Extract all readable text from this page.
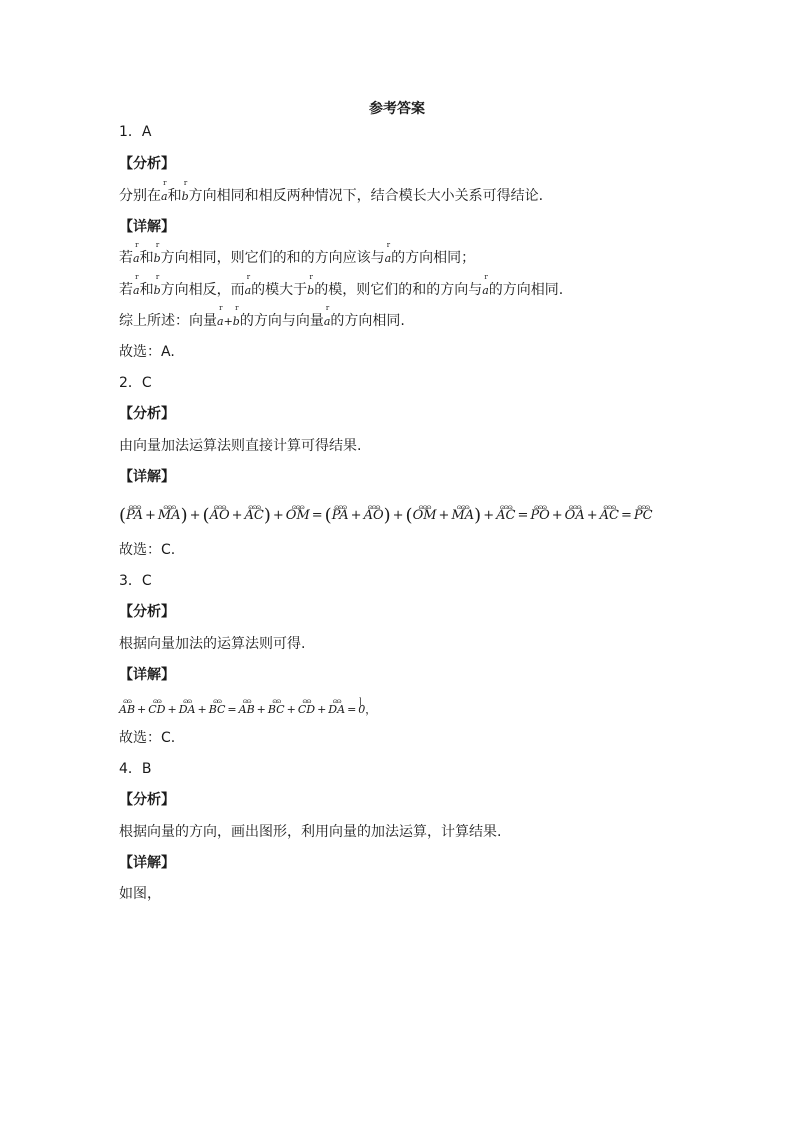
参考答案
1．A
【分析】
分别在
r
a和
r
b方向相同和相反两种情况下，结合模长大小关系可得结论.
【详解】
若
r
a和
r
b方向相同，则它们的和的方向应该与
r
a的方向相同；
若
r
a和
r
b方向相反，而
r
a的模大于
r
b的模，则它们的和的方向与
r
a的方向相同.
综上所述：向量
r
a+
r
b的方向与向量
r
a的方向相同.
故选：A.
2．C
【分析】
由向量加法运算法则直接计算可得结果.
【详解】
(ɷɷɷ PA + ɷɷɷ MA) + (ɷɷɷ AO + ɷɷɷ AC) + ɷɷɷ OM = (ɷɷɷ PA + ɷɷɷ AO) + (ɷɷɷ OM + ɷɷɷ MA) + ɷɷɷ AC = ɷɷɷ PO + ɷɷɷ OA + ɷɷɷ AC = ɷɷɷ PC
故选：C.
3．C
【分析】
根据向量加法的运算法则可得.
【详解】
ɷɷ AB + ɷɷ CD + ɷɷ DA + ɷɷ BC = ɷɷ AB + ɷɷ BC + ɷɷ CD + ɷɷ DA = ɭ 0，
故选：C.
4．B
【分析】
根据向量的方向，画出图形，利用向量的加法运算，计算结果.
【详解】
如图，
